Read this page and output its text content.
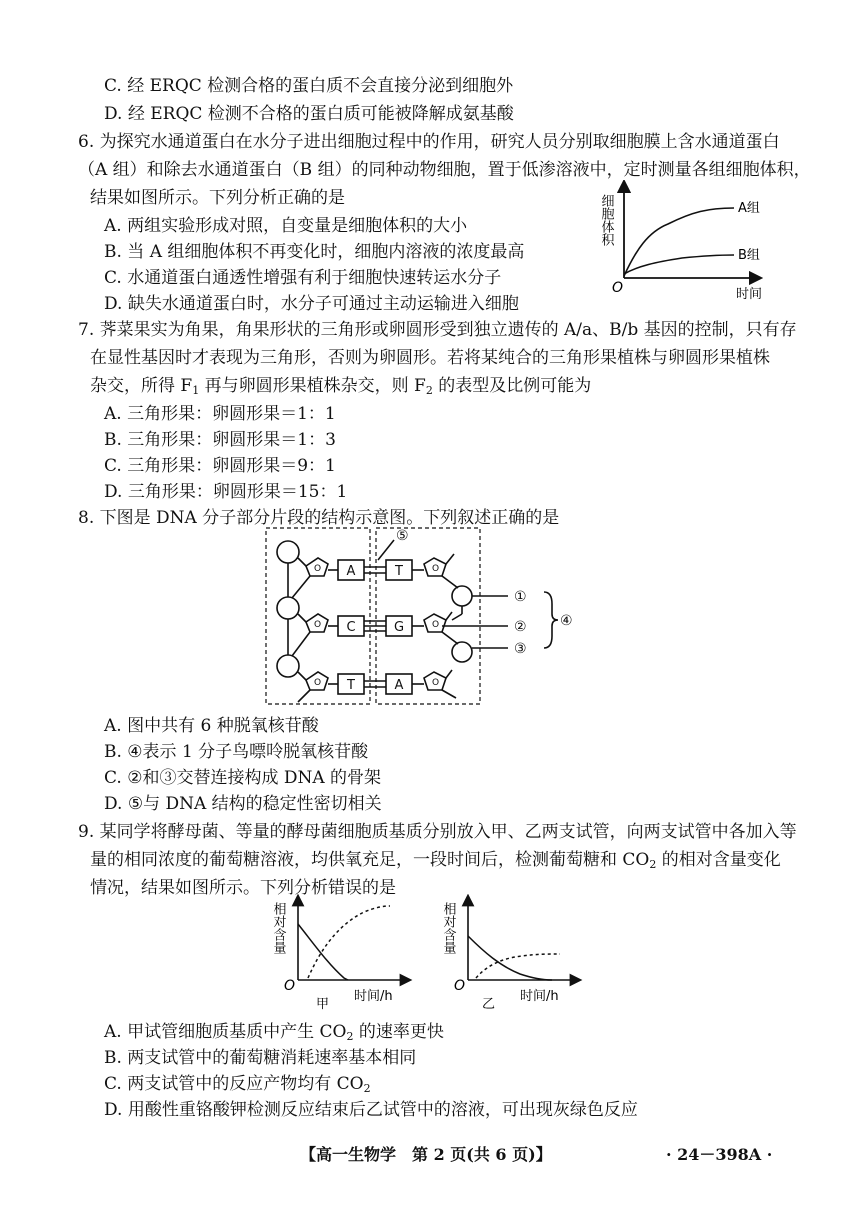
C. 经 ERQC 检测合格的蛋白质不会直接分泌到细胞外
D. 经 ERQC 检测不合格的蛋白质可能被降解成氨基酸
6. 为探究水通道蛋白在水分子进出细胞过程中的作用，研究人员分别取细胞膜上含水通道蛋白
（A 组）和除去水通道蛋白（B 组）的同种动物细胞，置于低渗溶液中，定时测量各组细胞体积，
结果如图所示。下列分析正确的是
A. 两组实验形成对照，自变量是细胞体积的大小
B. 当 A 组细胞体积不再变化时，细胞内溶液的浓度最高
C. 水通道蛋白通透性增强有利于细胞快速转运水分子
D. 缺失水通道蛋白时，水分子可通过主动运输进入细胞
细胞体积	A组
B组
O	时间
7. 荠菜果实为角果，角果形状的三角形或卵圆形受到独立遗传的 A/a、B/b 基因的控制，只有存
在显性基因时才表现为三角形，否则为卵圆形。若将某纯合的三角形果植株与卵圆形果植株
杂交，所得 $F_1$ 再与卵圆形果植株杂交，则 $F_2$ 的表型及比例可能为
A. 三角形果：卵圆形果＝1：1
B. 三角形果：卵圆形果＝1：3
C. 三角形果：卵圆形果＝9：1
D. 三角形果：卵圆形果＝15：1
8. 下图是 DNA 分子部分片段的结构示意图。下列叙述正确的是
A
C
T
T
G
A
O
O
O
O
O
O
⑤
①
②
③
④
A. 图中共有 6 种脱氧核苷酸
B. ④表示 1 分子鸟嘌呤脱氧核苷酸
C. ②和③交替连接构成 DNA 的骨架
D. ⑤与 DNA 结构的稳定性密切相关
9. 某同学将酵母菌、等量的酵母菌细胞质基质分别放入甲、乙两支试管，向两支试管中各加入等
量的相同浓度的葡萄糖溶液，均供氧充足，一段时间后，检测葡萄糖和 $CO_2$ 的相对含量变化
情况，结果如图所示。下列分析错误的是
相对含量
O
甲
时间/h
相对含量
O
乙
时间/h
A. 甲试管细胞质基质中产生 $CO_2$ 的速率更快
B. 两支试管中的葡萄糖消耗速率基本相同
C. 两支试管中的反应产物均有 $CO_2$
D. 用酸性重铬酸钾检测反应结束后乙试管中的溶液，可出现灰绿色反应
【高一生物学　第 2 页(共 6 页)】	· 24－398A ·
